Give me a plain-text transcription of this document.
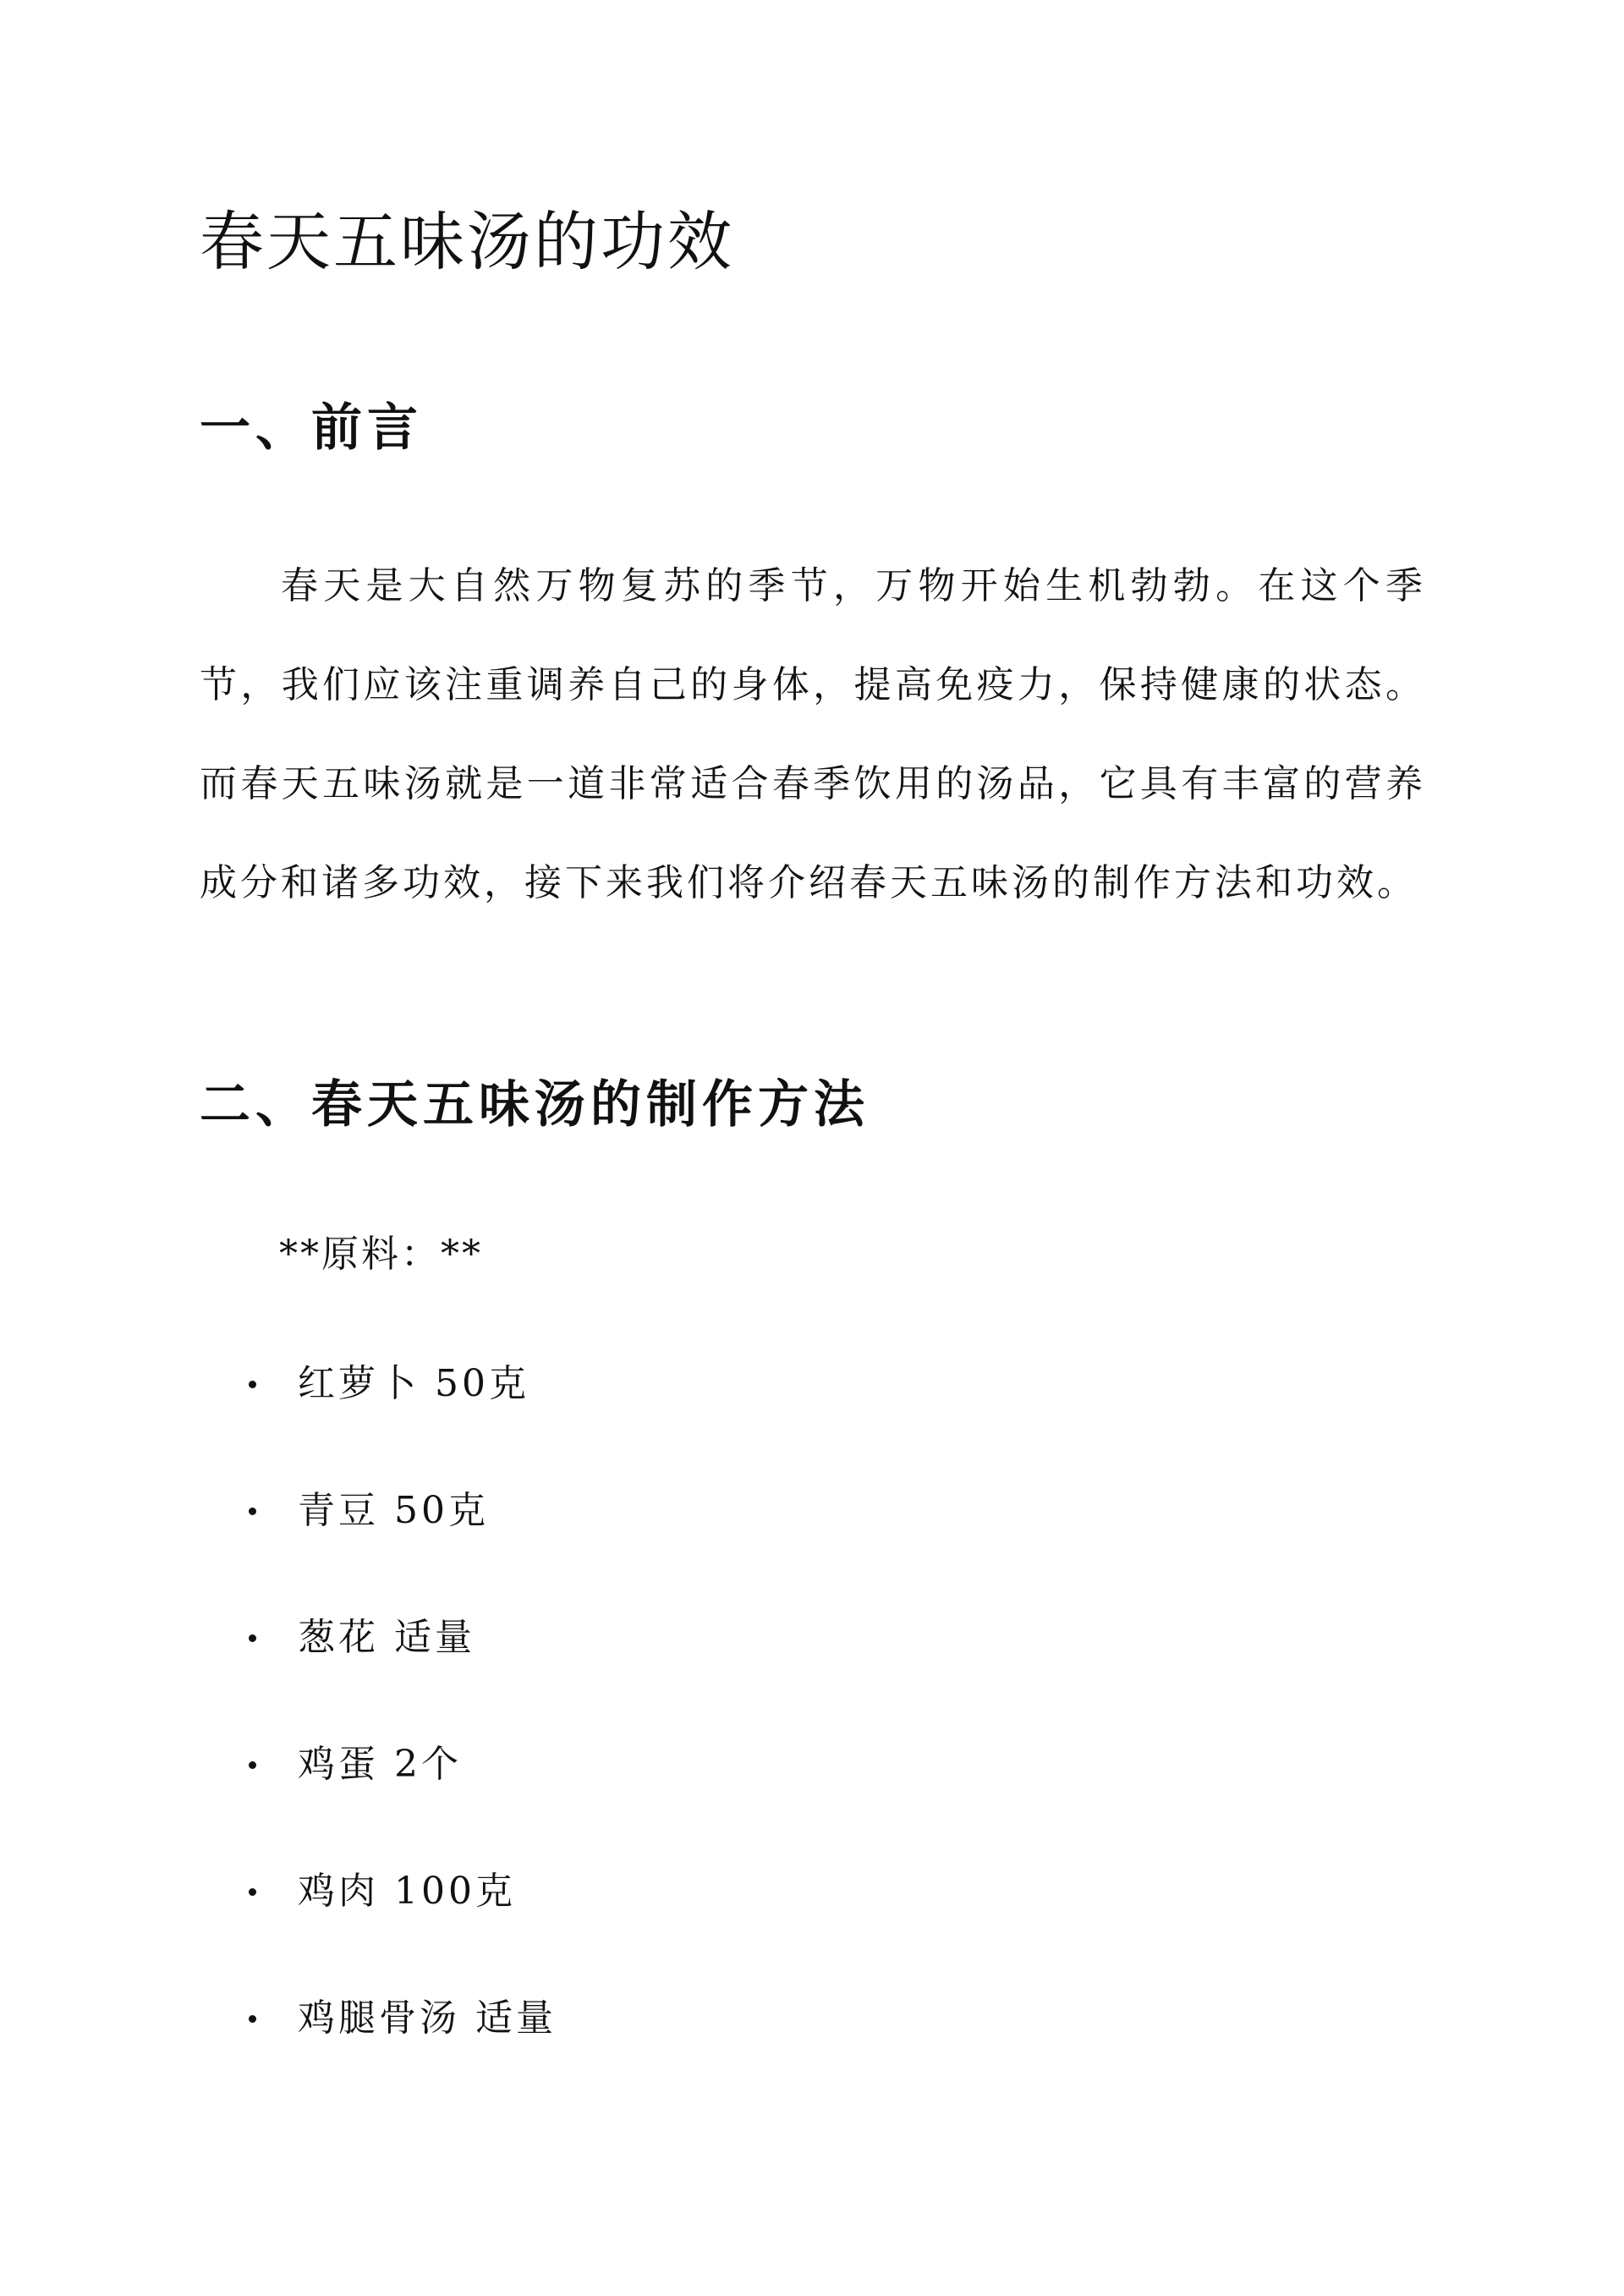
春天五味汤的功效
一、前言

春天是大自然万物复苏的季节，万物开始生机勃勃。在这个季节，我们应该注重调养自己的身体，提高免疫力，保持健康的状态。而春天五味汤就是一道非常适合春季饮用的汤品，它具有丰富的营养成分和诸多功效，接下来我们将介绍春天五味汤的制作方法和功效。

二、春天五味汤的制作方法

**原料：**

红萝卜 50克
青豆 50克
葱花 适量
鸡蛋 2个
鸡肉 100克
鸡腿骨汤 适量
